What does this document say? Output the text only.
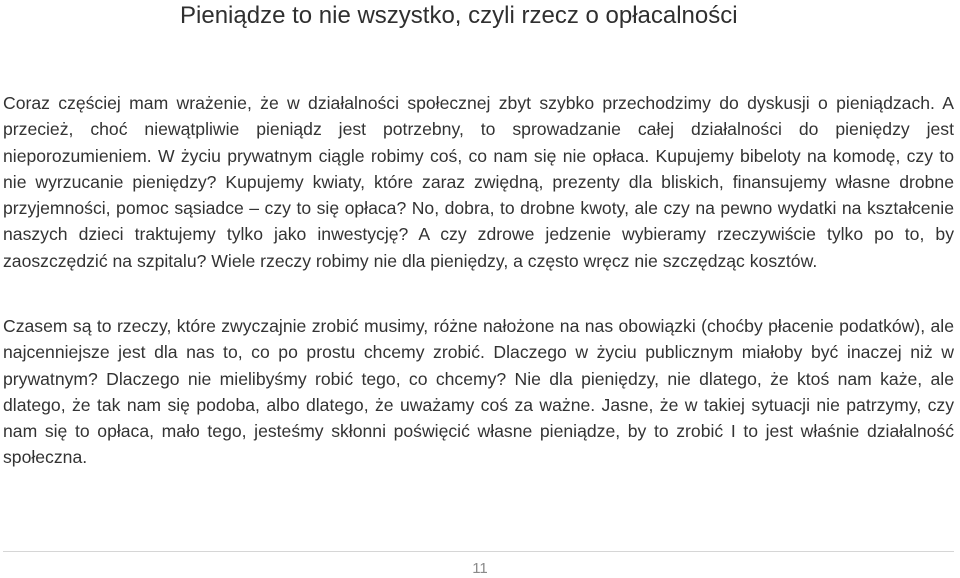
Pieniądze to nie wszystko, czyli rzecz o opłacalności

Coraz częściej mam wrażenie, że w działalności społecznej zbyt szybko przechodzimy do dyskusji o pieniądzach. A przecież, choć niewątpliwie pieniądz jest potrzebny, to sprowadzanie całej działalności do pieniędzy jest nieporozumieniem. W życiu prywatnym ciągle robimy coś, co nam się nie opłaca. Kupujemy bibeloty na komodę, czy to nie wyrzucanie pieniędzy? Kupujemy kwiaty, które zaraz zwiędną, prezenty dla bliskich, finansujemy własne drobne przyjemności, pomoc sąsiadce – czy to się opłaca? No, dobra, to drobne kwoty, ale czy na pewno wydatki na kształcenie naszych dzieci traktujemy tylko jako inwestycję? A czy zdrowe jedzenie wybieramy rzeczywiście tylko po to, by zaoszczędzić na szpitalu? Wiele rzeczy robimy nie dla pieniędzy, a często wręcz nie szczędząc kosztów.

Czasem są to rzeczy, które zwyczajnie zrobić musimy, różne nałożone na nas obowiązki (choćby płacenie podatków), ale najcenniejsze jest dla nas to, co po prostu chcemy zrobić. Dlaczego w życiu publicznym miałoby być inaczej niż w prywatnym? Dlaczego nie mielibyśmy robić tego, co chcemy? Nie dla pieniędzy, nie dlatego, że ktoś nam każe, ale dlatego, że tak nam się podoba, albo dlatego, że uważamy coś za ważne. Jasne, że w takiej sytuacji nie patrzymy, czy nam się to opłaca, mało tego, jesteśmy skłonni poświęcić własne pieniądze, by to zrobić I to jest właśnie działalność społeczna.

11
